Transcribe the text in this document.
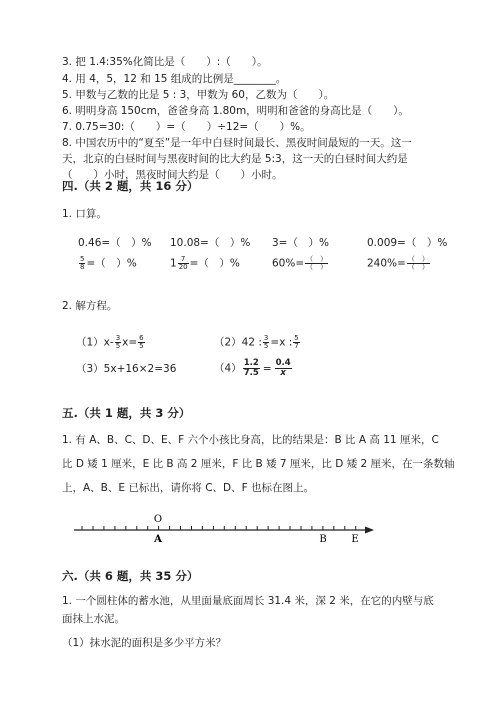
3. 把 1.4:35%化简比是（　　）:（　　）。
4. 用 4，5，12 和 15 组成的比例是________。
5. 甲数与乙数的比是 5 : 3，甲数为 60，乙数为（　　）。
6. 明明身高 150cm，爸爸身高 1.80m，明明和爸爸的身高比是（　　）。
7. 0.75=30:（　　）=（　　）÷12=（　　）%。
8. 中国农历中的“夏至”是一年中白昼时间最长、黑夜时间最短的一天。这一
天，北京的白昼时间与黑夜时间的比大约是 5:3，这一天的白昼时间大约是
（　　）小时，黑夜时间大约是（　　）小时。
四.（共 2 题，共 16 分）
1. 口算。
0.46=（　）% 10.08=（　）% 3=（　）%	0.009=（　）%
$\frac{5}{8}$ =（　）%	$1 \frac{7}{20}$ =（　）%	$60\%= \frac{( )}{( )}$	$240\%= \frac{( )}{( )}$
2. 解方程。
$(1)x- \frac{3}{5} x= \frac{6}{5}$	（2）42 : $\frac{3}{5} =x$ : $\frac{5}{7}$
（3）5x+16×2=36	$(4) \frac{1.2}{7.5} = \frac{0.4}{x}$
五.（共 1 题，共 3 分）
1. 有 A、B、C、D、E、F 六个小孩比身高，比的结果是：B 比 A 高 11 厘米，C
比 D 矮 1 厘米，E 比 B 高 2 厘米，F 比 B 矮 7 厘米，比 D 矮 2 厘米，在一条数轴
上，A、B、E 已标出，请你将 C、D、F 也标在图上。
O
A	B E
六.（共 6 题，共 35 分）
1. 一个圆柱体的蓄水池，从里面量底面周长 31.4 米，深 2 米，在它的内壁与底
面抹上水泥。
（1）抹水泥的面积是多少平方米？
